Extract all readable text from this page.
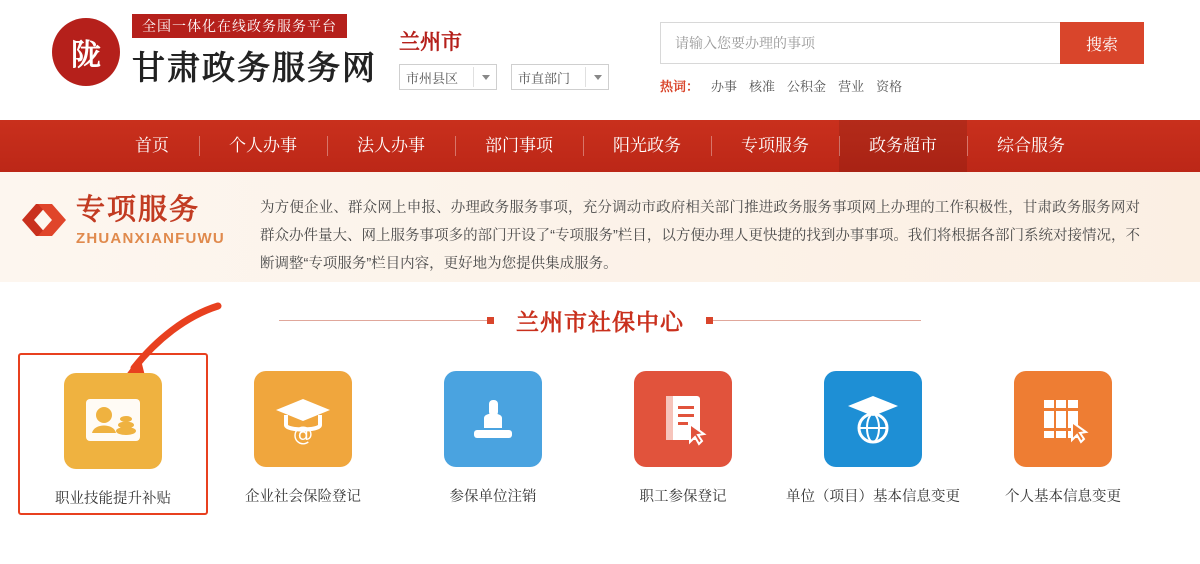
陇
全国一体化在线政务服务平台
甘肃政务服务网
兰州市
市州县区	市直部门
请输入您要办理的事项
搜索
热词： 办事 核准 公积金 营业 资格
首页	个人办事	法人办事	部门事项	阳光政务	专项服务	政务超市	综合服务
专项服务
ZHUANXIANFUWU
为方便企业、群众网上申报、办理政务服务事项，充分调动市政府相关部门推进政务服务事项网上办理的工作积极性，甘肃政务服务网对群众办件量大、网上服务事项多的部门开设了“专项服务”栏目，以方便办理人更快捷的找到办事事项。我们将根据各部门系统对接情况，不断调整“专项服务”栏目内容，更好地为您提供集成服务。
兰州市社保中心
职业技能提升补贴
@
企业社会保险登记	参保单位注销	职工参保登记	单位（项目）基本信息变更	个人基本信息变更
